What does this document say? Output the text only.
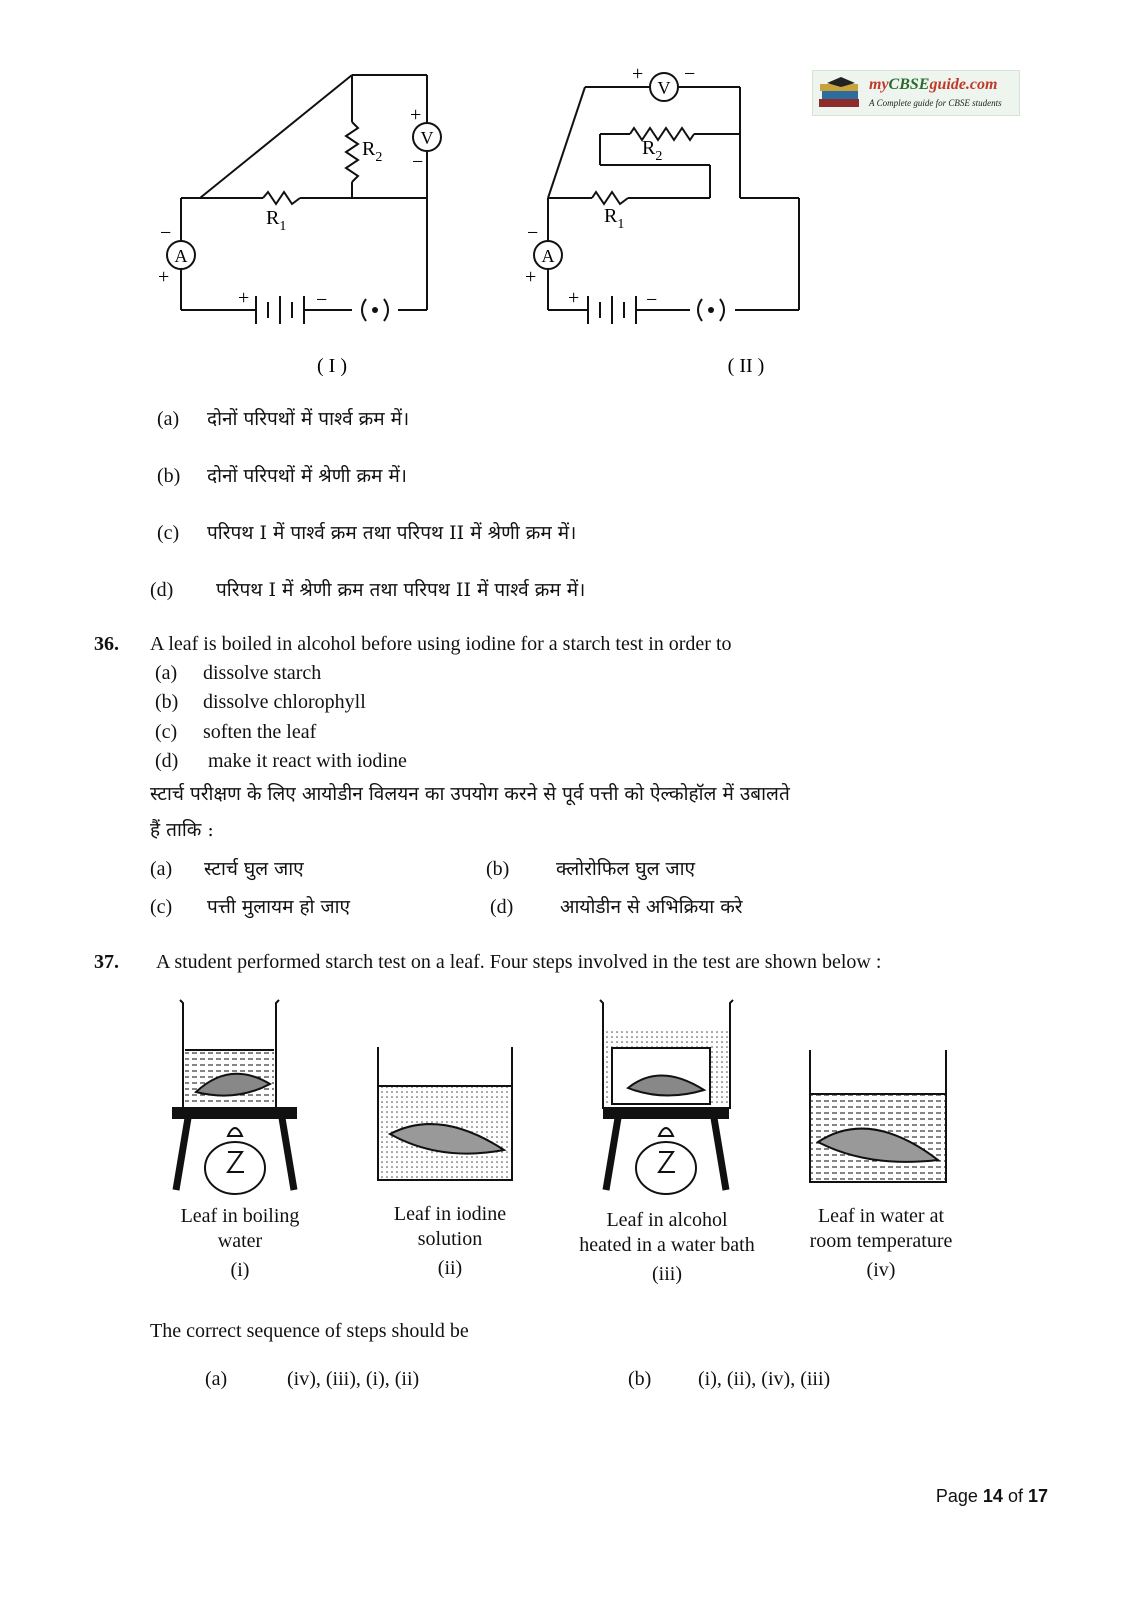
myCBSEguide.com
A Complete guide for CBSE students
A
V
$R_2$
$R_1$
−
+
+
−
+	−
A
V
$R_2$
$R_1$
−
+
+ −
+	−
( I )	( II )
(a) दोनों परिपथों में पार्श्व क्रम में।
(b) दोनों परिपथों में श्रेणी क्रम में।
(c) परिपथ I में पार्श्व क्रम तथा परिपथ II में श्रेणी क्रम में।
(d) परिपथ I में श्रेणी क्रम तथा परिपथ II में पार्श्व क्रम में।
36. A leaf is boiled in alcohol before using iodine for a starch test in order to
(a) dissolve starch
(b) dissolve chlorophyll
(c) soften the leaf
(d) make it react with iodine
स्टार्च परीक्षण के लिए आयोडीन विलयन का उपयोग करने से पूर्व पत्ती को ऐल्कोहॉल में उबालते
हैं ताकि :
(a) स्टार्च घुल जाए	(b) क्लोरोफिल घुल जाए
(c) पत्ती मुलायम हो जाए	(d) आयोडीन से अभिक्रिया करे
37. A student performed starch test on a leaf. Four steps involved in the test are shown below :
Leaf in boiling
water
(i)
Leaf in iodine
solution
(ii)
Leaf in alcohol
heated in a water bath
(iii)
Leaf in water at
room temperature
(iv)
The correct sequence of steps should be
(a)	(iv), (iii), (i), (ii)	(b) (i), (ii), (iv), (iii)
Page 14 of 17
